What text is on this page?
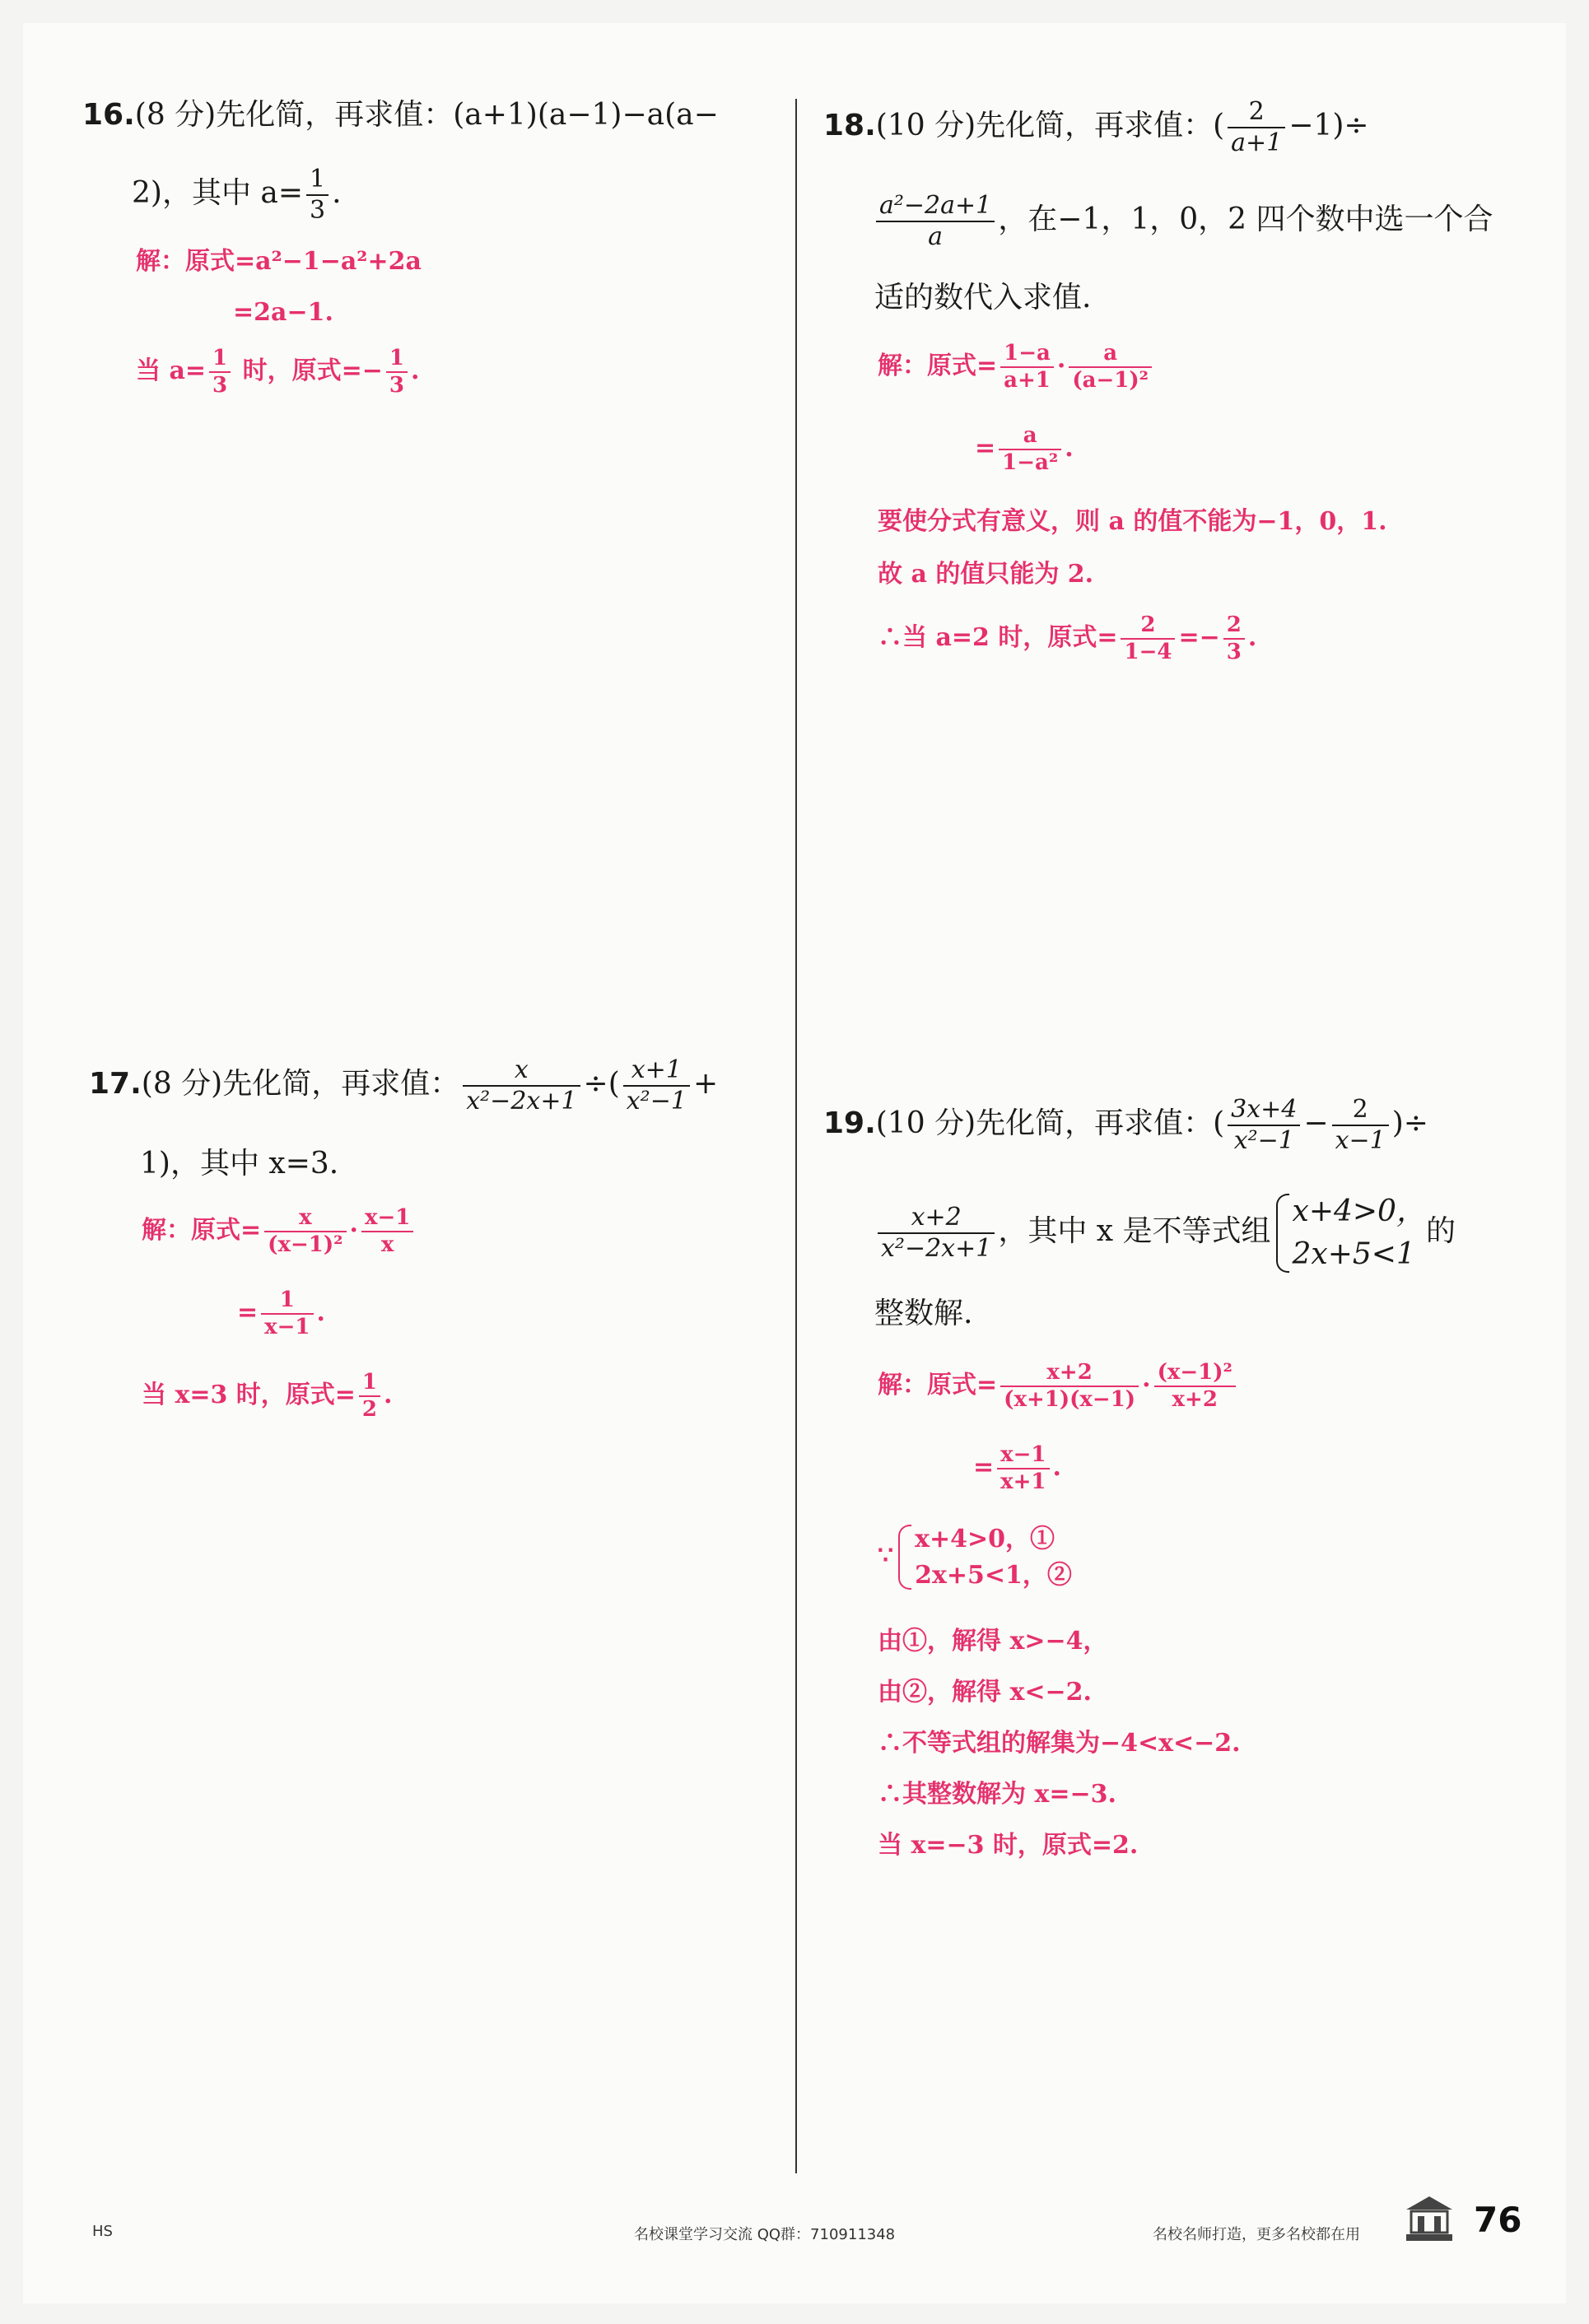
16.(8 分)先化简，再求值：(a+1)(a−1)−a(a−
2)，其中 $a= \frac{1}{3}$ .
解：原式=a²−1−a²+2a
=2a−1.
当 $a= \frac{1}{3}$ 时，原式=− $\frac{1}{3}$ .
17.(8 分)先化简，再求值： $\frac{x}{\text{x²−2x+1}}$ ÷( $\frac{x+1}{\text{x²−1}}$ +
1)，其中 x=3.
解：原式= $\frac{x}{\text{(x−1)²}} \cdot \frac{x-1}{x}$
= $\frac{1}{x-1}$ .
当 x=3 时，原式= $\frac{1}{2}$ .
18.(10 分)先化简，再求值：( $\frac{2}{a+1} -1)\div$
$\frac{\text{a²−2a+1}}{a}$ ，在−1，1，0，2 四个数中选一个合
适的数代入求值.
解：原式= $\frac{1-a}{a+1} \cdot \frac{a}{\text{(a−1)²}}$
= $\frac{a}{\text{1−a²}}$ .
要使分式有意义，则 a 的值不能为−1，0，1.
故 a 的值只能为 2.
∴当 a=2 时，原式= $\frac{2}{1-4} =- \frac{2}{3}$ .
19.(10 分)先化简，再求值：( $\frac{3x+4}{\text{x²−1}} - \frac{2}{x-1}$ )÷
$\frac{x+2}{\text{x²−2x+1}}$ ，其中 x 是不等式组
x+4>0，
2x+5<1
的
整数解.
解：原式= $\frac{x+2}{(x+1)(x-1)} \cdot \frac{\text{(x−1)²}}{x+2}$
= $\frac{x-1}{x+1}$ .
∵
x+4>0，①
2x+5<1，②
由①，解得 x>−4，
由②，解得 x<−2.
∴不等式组的解集为−4<x<−2.
∴其整数解为 x=−3.
当 x=−3 时，原式=2.
HS	名校课堂学习交流 QQ群：710911348	名校名师打造，更多名校都在用	76
